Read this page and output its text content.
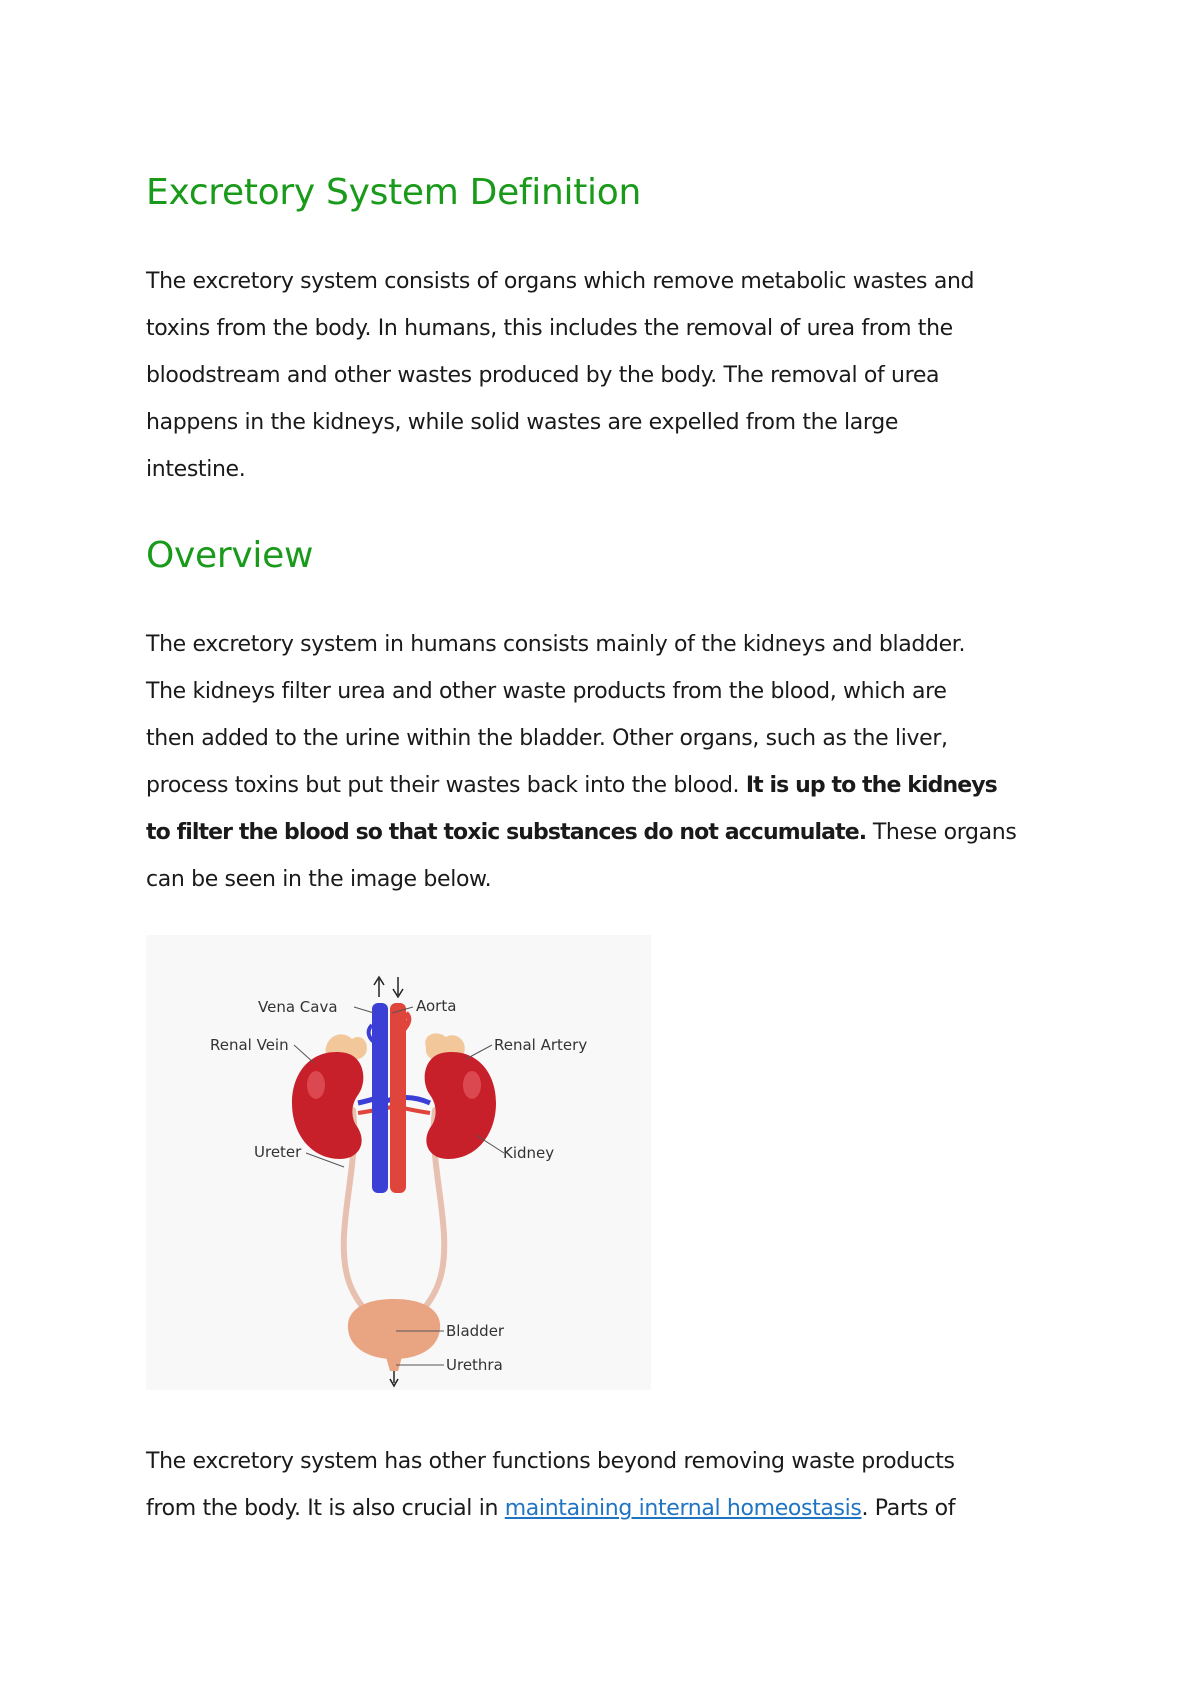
Excretory System Definition
The excretory system consists of organs which remove metabolic wastes and
toxins from the body. In humans, this includes the removal of urea from the
bloodstream and other wastes produced by the body. The removal of urea
happens in the kidneys, while solid wastes are expelled from the large
intestine.
Overview
The excretory system in humans consists mainly of the kidneys and bladder.
The kidneys filter urea and other waste products from the blood, which are
then added to the urine within the bladder. Other organs, such as the liver,
process toxins but put their wastes back into the blood. It is up to the kidneys
to filter the blood so that toxic substances do not accumulate. These organs
can be seen in the image below.
Vena Cava	Aorta
Renal Vein	Renal Artery
Ureter	Kidney
Bladder
Urethra
The excretory system has other functions beyond removing waste products
from the body. It is also crucial in maintaining internal homeostasis. Parts of
